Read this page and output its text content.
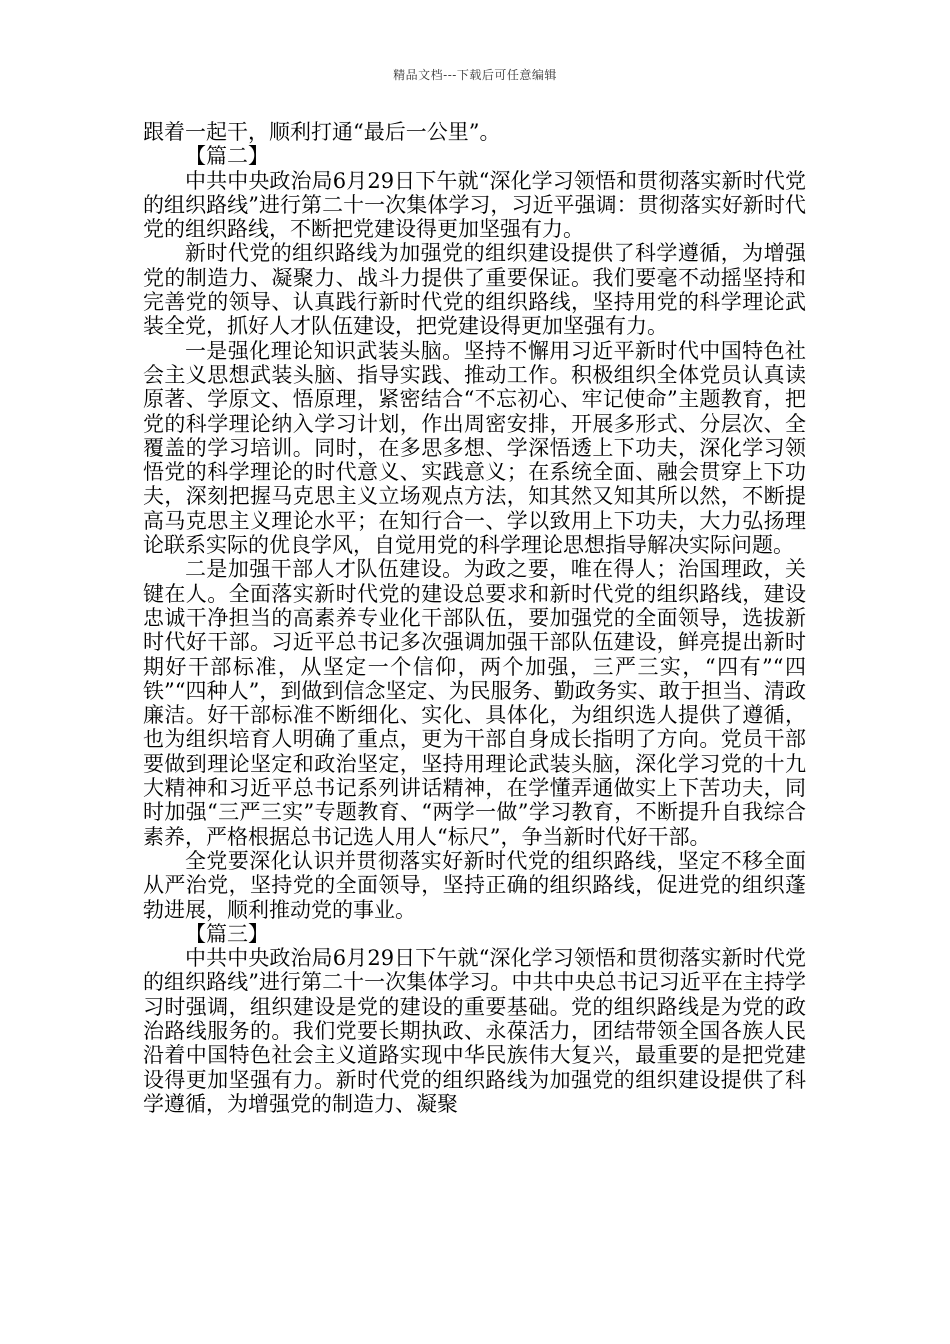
精品文档---下载后可任意编辑

跟着一起干，顺利打通“最后一公里”。

【篇二】

中共中央政治局6月29日下午就“深化学习领悟和贯彻落实新时代党的组织路线”进行第二十一次集体学习，习近平强调：贯彻落实好新时代党的组织路线，不断把党建设得更加坚强有力。

新时代党的组织路线为加强党的组织建设提供了科学遵循，为增强党的制造力、凝聚力、战斗力提供了重要保证。我们要毫不动摇坚持和完善党的领导、认真践行新时代党的组织路线，坚持用党的科学理论武装全党，抓好人才队伍建设，把党建设得更加坚强有力。

一是强化理论知识武装头脑。坚持不懈用习近平新时代中国特色社会主义思想武装头脑、指导实践、推动工作。积极组织全体党员认真读原著、学原文、悟原理，紧密结合“不忘初心、牢记使命”主题教育，把党的科学理论纳入学习计划，作出周密安排，开展多形式、分层次、全覆盖的学习培训。同时，在多思多想、学深悟透上下功夫，深化学习领悟党的科学理论的时代意义、实践意义；在系统全面、融会贯穿上下功夫，深刻把握马克思主义立场观点方法，知其然又知其所以然，不断提高马克思主义理论水平；在知行合一、学以致用上下功夫，大力弘扬理论联系实际的优良学风，自觉用党的科学理论思想指导解决实际问题。

二是加强干部人才队伍建设。为政之要，唯在得人；治国理政，关键在人。全面落实新时代党的建设总要求和新时代党的组织路线，建设忠诚干净担当的高素养专业化干部队伍，要加强党的全面领导，选拔新时代好干部。习近平总书记多次强调加强干部队伍建设，鲜亮提出新时期好干部标准，从坚定一个信仰，两个加强，三严三实，“四有”“四铁”“四种人”，到做到信念坚定、为民服务、勤政务实、敢于担当、清政廉洁。好干部标准不断细化、实化、具体化，为组织选人提供了遵循，也为组织培育人明确了重点，更为干部自身成长指明了方向。党员干部要做到理论坚定和政治坚定，坚持用理论武装头脑，深化学习党的十九大精神和习近平总书记系列讲话精神，在学懂弄通做实上下苦功夫，同时加强“三严三实”专题教育、“两学一做”学习教育，不断提升自我综合素养，严格根据总书记选人用人“标尺”，争当新时代好干部。

全党要深化认识并贯彻落实好新时代党的组织路线，坚定不移全面从严治党，坚持党的全面领导，坚持正确的组织路线，促进党的组织蓬勃进展，顺利推动党的事业。

【篇三】

中共中央政治局6月29日下午就“深化学习领悟和贯彻落实新时代党的组织路线”进行第二十一次集体学习。中共中央总书记习近平在主持学习时强调，组织建设是党的建设的重要基础。党的组织路线是为党的政治路线服务的。我们党要长期执政、永葆活力，团结带领全国各族人民沿着中国特色社会主义道路实现中华民族伟大复兴，最重要的是把党建设得更加坚强有力。新时代党的组织路线为加强党的组织建设提供了科学遵循，为增强党的制造力、凝聚
